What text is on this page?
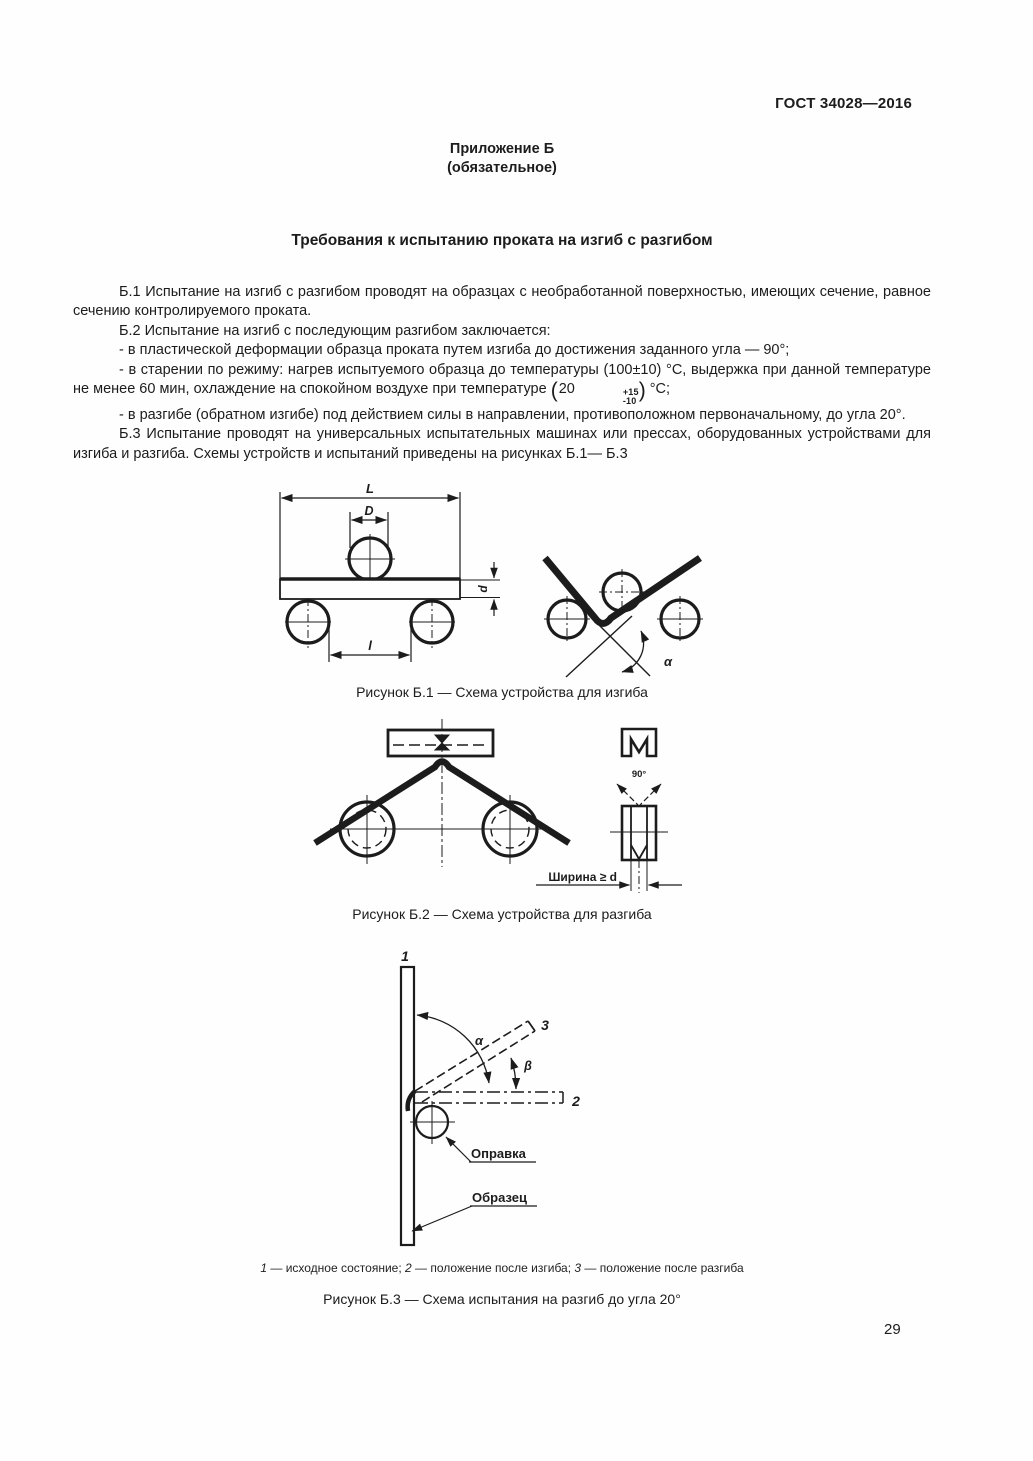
ГОСТ 34028—2016
Приложение Б
(обязательное)
Требования к испытанию проката на изгиб с разгибом

Б.1 Испытание на изгиб с разгибом проводят на образцах с необработанной поверхностью, имеющих сечение, равное сечению контролируемого проката.

Б.2 Испытание на изгиб с последующим разгибом заключается:

- в пластической деформации образца проката путем изгиба до достижения заданного угла — 90°;

- в старении по режиму: нагрев испытуемого образца до температуры (100±10) °С, выдержка при данной температуре не менее 60 мин, охлаждение на спокойном воздухе при температуре (20	+15
-10 ) °С;

- в разгибе (обратном изгибе) под действием силы в направлении, противоположном первоначальному, до угла 20°.

Б.3 Испытание проводят на универсальных испытательных машинах или прессах, оборудованных устройствами для изгиба и разгиба. Схемы устройств и испытаний приведены на рисунках Б.1— Б.3

L
D
d
l
α
Рисунок Б.1 — Схема устройства для изгиба
90°
Ширина ≥ d
Рисунок Б.2 — Схема устройства для разгиба
1
α
3
β
2
Оправка
Образец
1 — исходное состояние; 2 — положение после изгиба; 3 — положение после разгиба
Рисунок Б.3 — Схема испытания на разгиб до угла 20°
29
